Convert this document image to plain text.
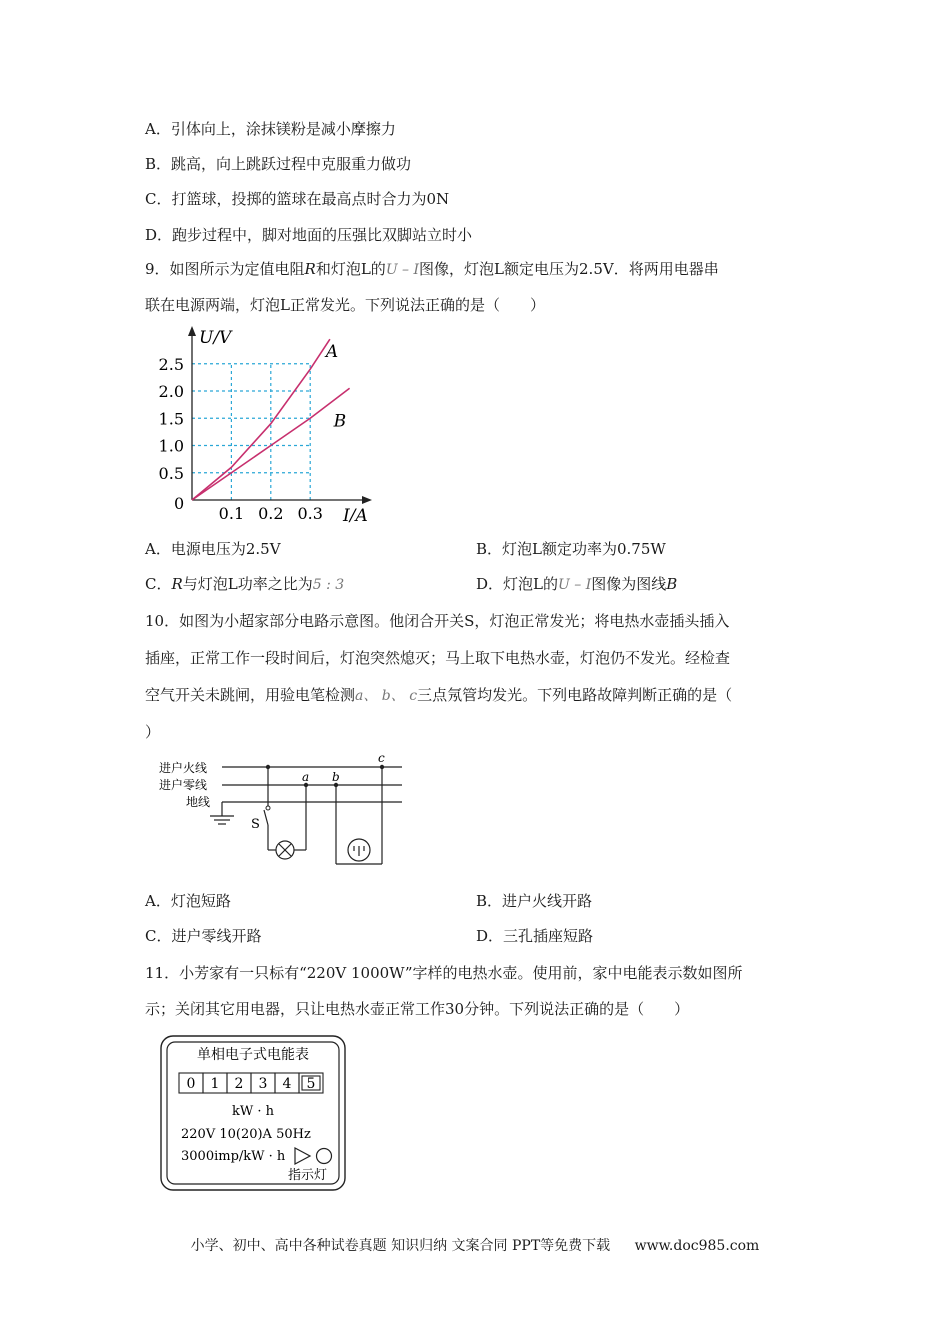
A．引体向上，涂抹镁粉是减小摩擦力
B．跳高，向上跳跃过程中克服重力做功
C．打篮球，投掷的篮球在最高点时合力为0N
D．跑步过程中，脚对地面的压强比双脚站立时小
9．如图所示为定值电阻R和灯泡L的U – I图像，灯泡L额定电压为2.5V．将两用电器串
联在电源两端，灯泡L正常发光。下列说法正确的是（　　）
A
B
0.1 0.2 0.3
0.5
1.0
1.5
2.0
2.5
U/V
I/A
0
A．电源电压为2.5V	B．灯泡L额定功率为0.75W
C．R与灯泡L功率之比为5 : 3	D．灯泡L的U – I图像为图线B
10．如图为小超家部分电路示意图。他闭合开关S，灯泡正常发光；将电热水壶插头插入
插座，正常工作一段时间后，灯泡突然熄灭；马上取下电热水壶，灯泡仍不发光。经检查
空气开关未跳闸，用验电笔检测a、 b、 c三点氖管均发光。下列电路故障判断正确的是（
）
进户火线
进户零线
地线
S
a b
c
A．灯泡短路	B．进户火线开路
C．进户零线开路	D．三孔插座短路
11．小芳家有一只标有“220V 1000W”字样的电热水壶。使用前，家中电能表示数如图所
示；关闭其它用电器，只让电热水壶正常工作30分钟。下列说法正确的是（　　）
单相电子式电能表
0 1 2 3 4 5
kW · h
220V 10(20)A 50Hz
3000imp/kW · h
指示灯
小学、初中、高中各种试卷真题 知识归纳 文案合同 PPT等免费下载 www.doc985.com
